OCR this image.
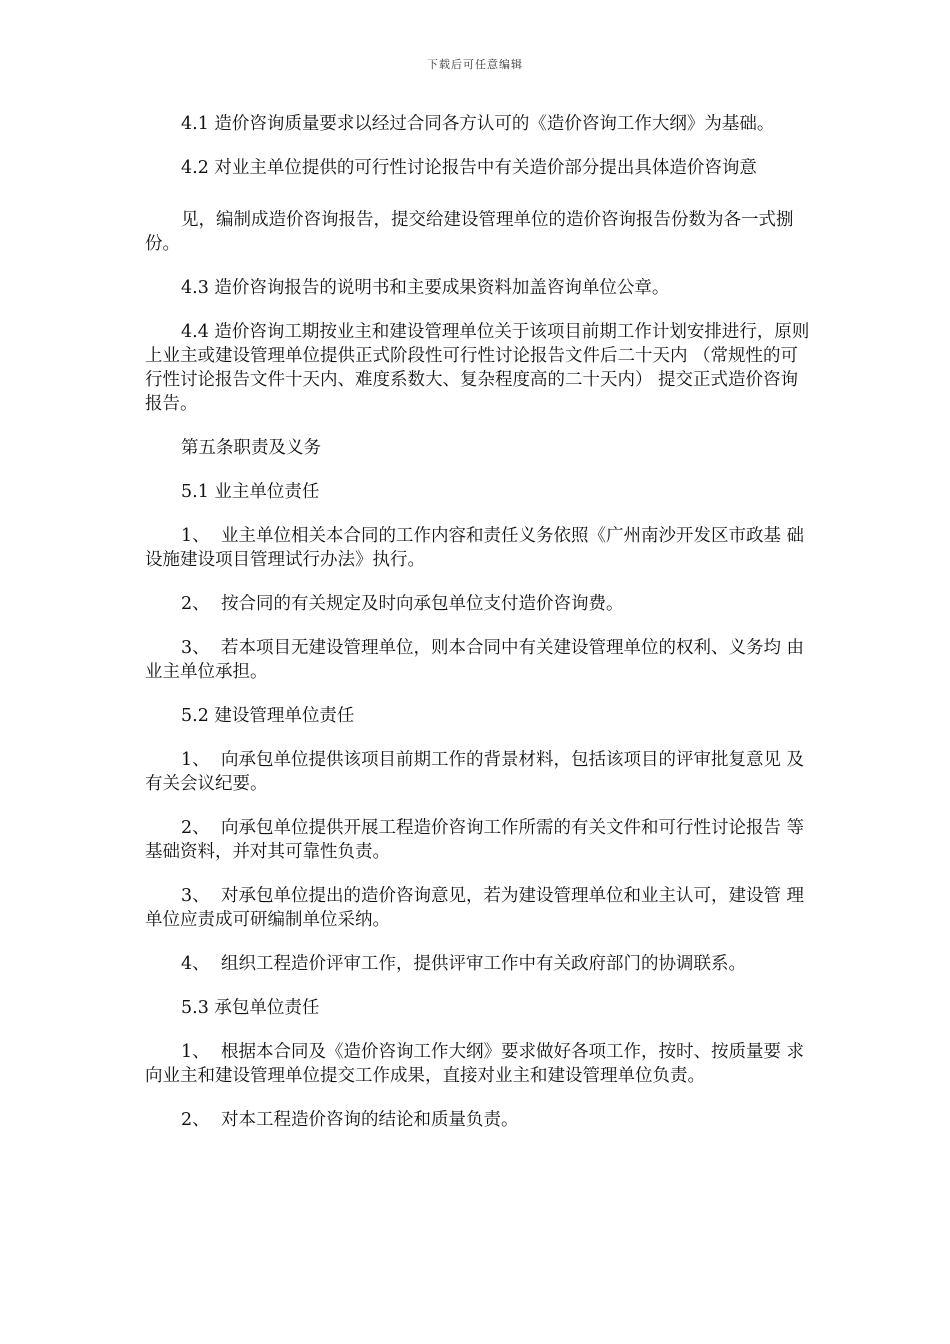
下载后可任意编辑

4.1 造价咨询质量要求以经过合同各方认可的《造价咨询工作大纲》为基础。

4.2 对业主单位提供的可行性讨论报告中有关造价部分提出具体造价咨询意

见，编制成造价咨询报告，提交给建设管理单位的造价咨询报告份数为各一式捌 份。

4.3 造价咨询报告的说明书和主要成果资料加盖咨询单位公章。

4.4 造价咨询工期按业主和建设管理单位关于该项目前期工作计划安排进行，原则上业主或建设管理单位提供正式阶段性可行性讨论报告文件后二十天内 （常规性的可行性讨论报告文件十天内、难度系数大、复杂程度高的二十天内） 提交正式造价咨询报告。

第五条职责及义务

5.1 业主单位责任

1、 业主单位相关本合同的工作内容和责任义务依照《广州南沙开发区市政基 础设施建设项目管理试行办法》执行。
2、 按合同的有关规定及时向承包单位支付造价咨询费。
3、 若本项目无建设管理单位，则本合同中有关建设管理单位的权利、义务均 由业主单位承担。

5.2 建设管理单位责任

1、 向承包单位提供该项目前期工作的背景材料，包括该项目的评审批复意见 及有关会议纪要。
2、 向承包单位提供开展工程造价咨询工作所需的有关文件和可行性讨论报告 等基础资料，并对其可靠性负责。
3、 对承包单位提出的造价咨询意见，若为建设管理单位和业主认可，建设管 理单位应责成可研编制单位采纳。
4、 组织工程造价评审工作，提供评审工作中有关政府部门的协调联系。

5.3 承包单位责任

1、 根据本合同及《造价咨询工作大纲》要求做好各项工作，按时、按质量要 求向业主和建设管理单位提交工作成果，直接对业主和建设管理单位负责。
2、 对本工程造价咨询的结论和质量负责。
